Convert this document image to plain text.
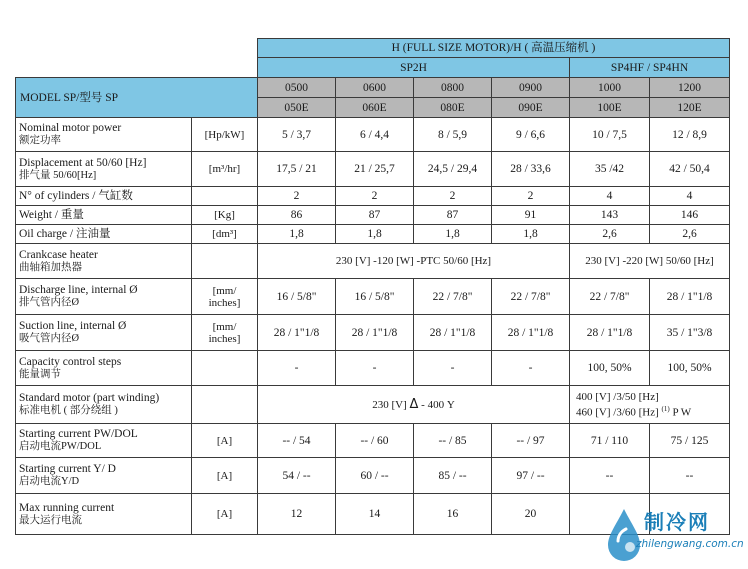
		H (FULL SIZE MOTOR)/H ( 高温压缩机 )					
		SP2H				SP4HF / SP4HN	
MODEL SP/型号 SP		0500	0600	0800	0900	1000	1200
		050E	060E	080E	090E	100E	120E
Nominal motor power
额定功率	[Hp/kW]	5 / 3,7	6 / 4,4	8 / 5,9	9 / 6,6	10 / 7,5	12 / 8,9
Displacement at 50/60 [Hz]
排气量 50/60[Hz]	[m³/hr]	17,5 / 21	21 / 25,7	24,5 / 29,4	28 / 33,6	35 /42	42 / 50,4
N° of cylinders / 气缸数		2	2	2	2	4	4
Weight / 重量	[Kg]	86	87	87	91	143	146
Oil charge / 注油量	[dm³]	1,8	1,8	1,8	1,8	2,6	2,6
Crankcase heater
曲轴箱加热器		230 [V] -120 [W] -PTC 50/60 [Hz]				230 [V] -220 [W] 50/60 [Hz]	
Discharge line, internal Ø
排气管内径Ø	[mm/
inches]	16 / 5/8"	16 / 5/8"	22 / 7/8"	22 / 7/8"	22 / 7/8"	28 / 1"1/8
Suction line, internal Ø
吸气管内径Ø	[mm/
inches]	28 / 1"1/8	28 / 1"1/8	28 / 1"1/8	28 / 1"1/8	28 / 1"1/8	35 / 1"3/8
Capacity control steps
能量调节		-	-	-	-	100, 50%	100, 50%
Standard motor (part winding)
标准电机 ( 部分绕组 )		230 [V] Δ - 400 Y				400 [V] /3/50 [Hz]
460 [V] /3/60 [Hz] $^{(1)}$ P W	
Starting current PW/DOL
启动电流PW/DOL	[A]	-- / 54	-- / 60	-- / 85	-- / 97	71 / 110	75 / 125
Starting current Y/ D
启动电流Y/D	[A]	54 / --	60 / --	85 / --	97 / --	--	--
Max running current
最大运行电流	[A]	12	14	16	20			制冷网
zhilengwang.com.cn
